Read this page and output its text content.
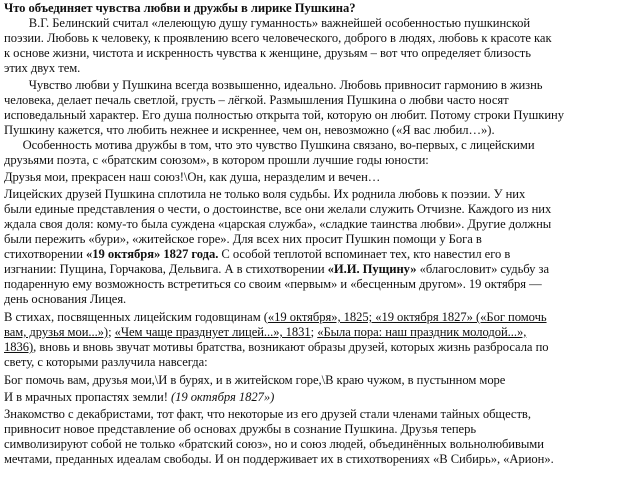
Что объединяет чувства любви и дружбы в лирике Пушкина?
В.Г. Белинский считал «лелеющую душу гуманность» важнейшей особенностью пушкинской
поэзии. Любовь к человеку, к проявлению всего человеческого, доброго в людях, любовь к красоте как
к основе жизни, чистота и искренность чувства к женщине, друзьям – вот что определяет близость
этих двух тем.
Чувство любви у Пушкина всегда возвышенно, идеально. Любовь привносит гармонию в жизнь
человека, делает печаль светлой, грусть – лёгкой. Размышления Пушкина о любви часто носят
исповедальный характер. Его душа полностью открыта той, которую он любит. Потому строки Пушкину
Пушкину кажется, что любить нежнее и искреннее, чем он, невозможно («Я вас любил…»).
Особенность мотива дружбы в том, что это чувство Пушкина связано, во-первых, с лицейскими
друзьями поэта, с «братским союзом», в котором прошли лучшие годы юности:
Друзья мои, прекрасен наш союз!\Он, как душа, неразделим и вечен…
Лицейских друзей Пушкина сплотила не только воля судьбы. Их роднила любовь к поэзии. У них
были единые представления о чести, о достоинстве, все они желали служить Отчизне. Каждого из них
ждала своя доля: кому-то была суждена «царская служба», «сладкие таинства любви». Другие должны
были пережить «бури», «житейское горе». Для всех них просит Пушкин помощи у Бога в
стихотворении «19 октября» 1827 года. С особой теплотой вспоминает тех, кто навестил его в
изгнании: Пущина, Горчакова, Дельвига. А в стихотворении «И.И. Пущину» «благословит» судьбу за
подаренную ему возможность встретиться со своим «первым» и «бесценным другом». 19 октября —
день основания Лицея.
В стихах, посвященных лицейским годовщинам («19 октября», 1825; «19 октября 1827» («Бог помочь
вам, друзья мои...»); «Чем чаще празднует лицей...», 1831; «Была пора: наш праздник молодой...»,
1836), вновь и вновь звучат мотивы братства, возникают образы друзей, которых жизнь разбросала по
свету, с которыми разлучила навсегда:
Бог помочь вам, друзья мои,\И в бурях, и в житейском горе,\В краю чужом, в пустынном море
И в мрачных пропастях земли! (19 октября 1827»)
Знакомство с декабристами, тот факт, что некоторые из его друзей стали членами тайных обществ,
привносит новое представление об основах дружбы в сознание Пушкина. Друзья теперь
символизируют собой не только «братский союз», но и союз людей, объединённых вольнолюбивыми
мечтами, преданных идеалам свободы. И он поддерживает их в стихотворениях «В Сибирь», «Арион».
